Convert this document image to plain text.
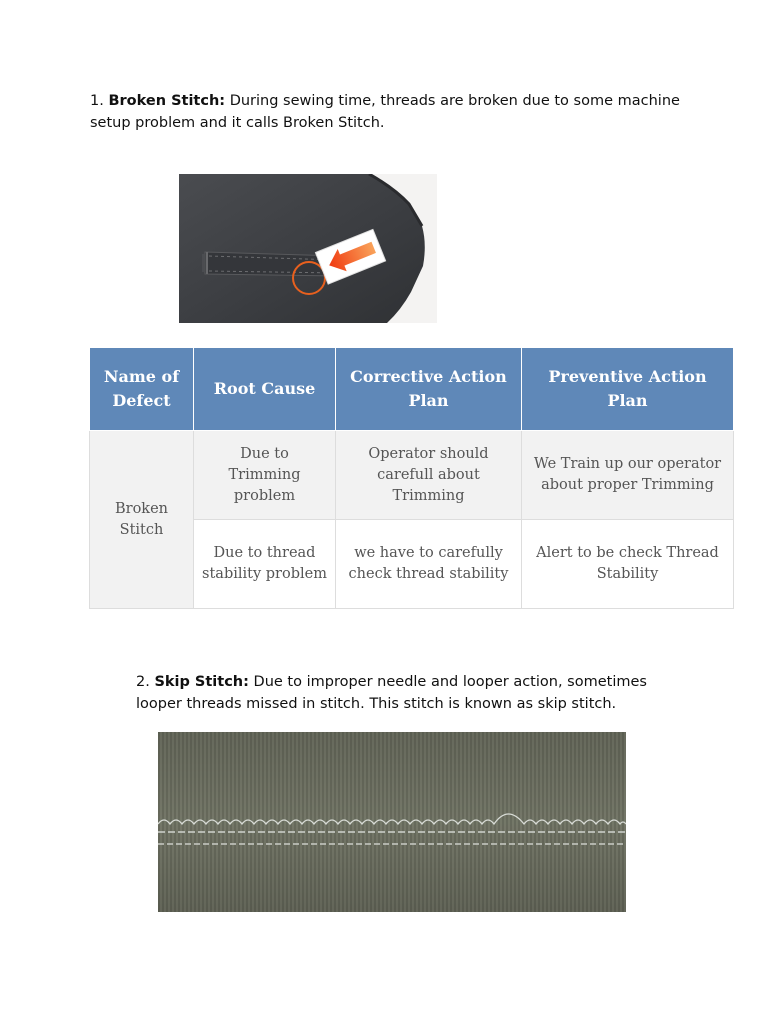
1. Broken Stitch: During sewing time, threads are broken due to some machine setup problem and it calls Broken Stitch.

Name of Defect	Root Cause	Corrective Action Plan	Preventive Action Plan
Broken Stitch	Due to Trimming problem	Operator should carefull about Trimming	We Train up our operator about proper Trimming
	Due to thread stability problem	we have to carefully check thread stability	Alert to be check Thread Stability

2. Skip Stitch: Due to improper needle and looper action, sometimes looper threads missed in stitch. This stitch is known as skip stitch.
